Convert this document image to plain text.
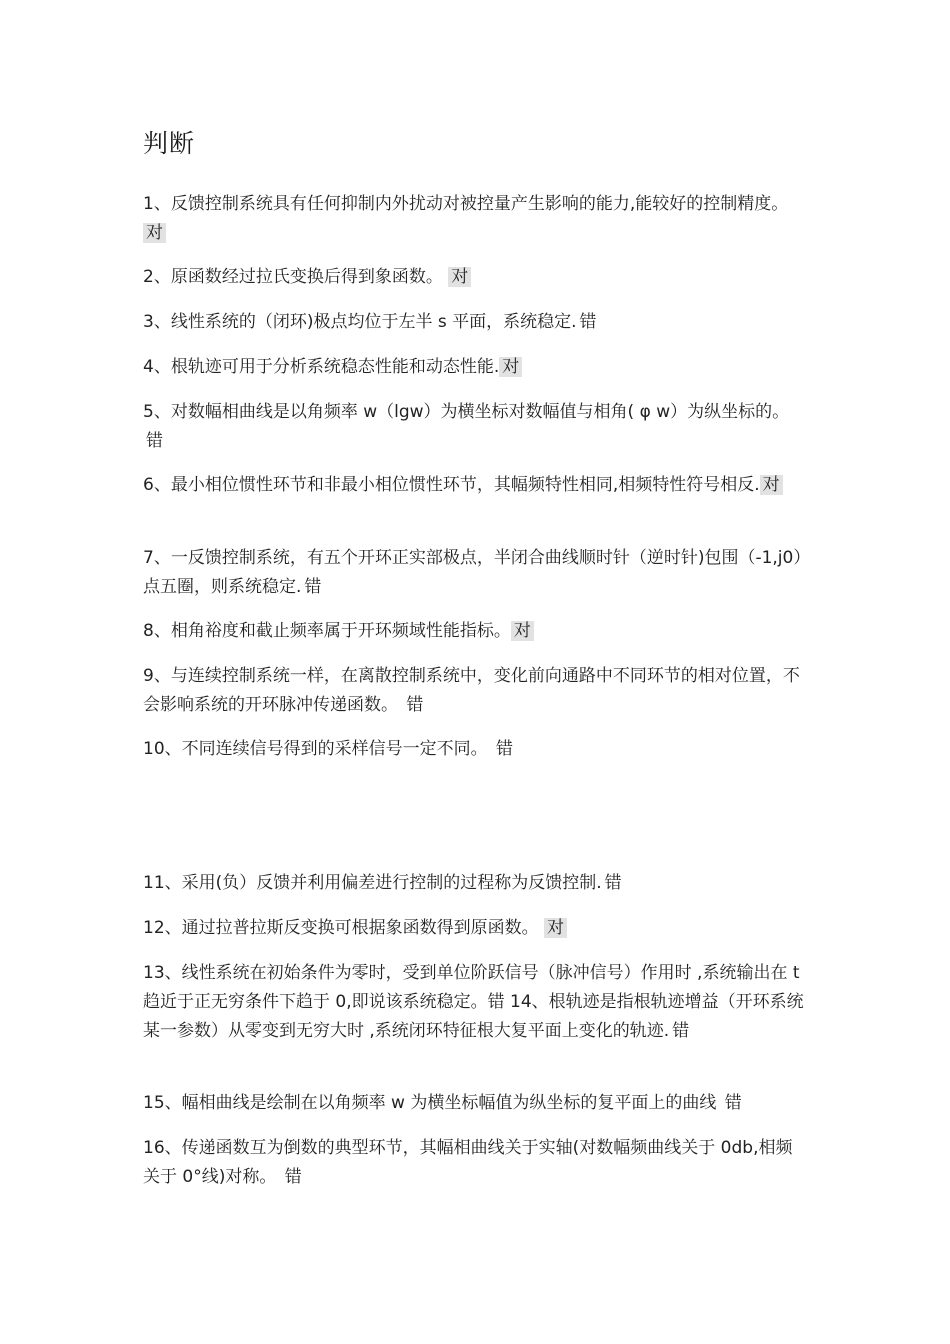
判断
1、反馈控制系统具有任何抑制内外扰动对被控量产生影响的能力,能较好的控制精度。对
2、原函数经过拉氏变换后得到象函数。 对
3、线性系统的（闭环)极点均位于左半 s 平面，系统稳定. 错
4、根轨迹可用于分析系统稳态性能和动态性能. 对
5、对数幅相曲线是以角频率 w（lgw）为横坐标对数幅值与相角( φ w）为纵坐标的。错
6、最小相位惯性环节和非最小相位惯性环节，其幅频特性相同,相频特性符号相反. 对
7、一反馈控制系统，有五个开环正实部极点，半闭合曲线顺时针（逆时针)包围（-1,j0）点五圈，则系统稳定. 错
8、相角裕度和截止频率属于开环频域性能指标。 对
9、与连续控制系统一样，在离散控制系统中，变化前向通路中不同环节的相对位置，不会影响系统的开环脉冲传递函数。 错
10、不同连续信号得到的采样信号一定不同。 错
11、采用(负）反馈并利用偏差进行控制的过程称为反馈控制. 错
12、通过拉普拉斯反变换可根据象函数得到原函数。 对
13、线性系统在初始条件为零时，受到单位阶跃信号（脉冲信号）作用时 ,系统输出在 t 趋近于正无穷条件下趋于 0,即说该系统稳定。错 14、根轨迹是指根轨迹增益（开环系统某一参数）从零变到无穷大时 ,系统闭环特征根大复平面上变化的轨迹. 错
15、幅相曲线是绘制在以角频率 w 为横坐标幅值为纵坐标的复平面上的曲线 错
16、传递函数互为倒数的典型环节，其幅相曲线关于实轴(对数幅频曲线关于 0db,相频关于 0°线)对称。 错
